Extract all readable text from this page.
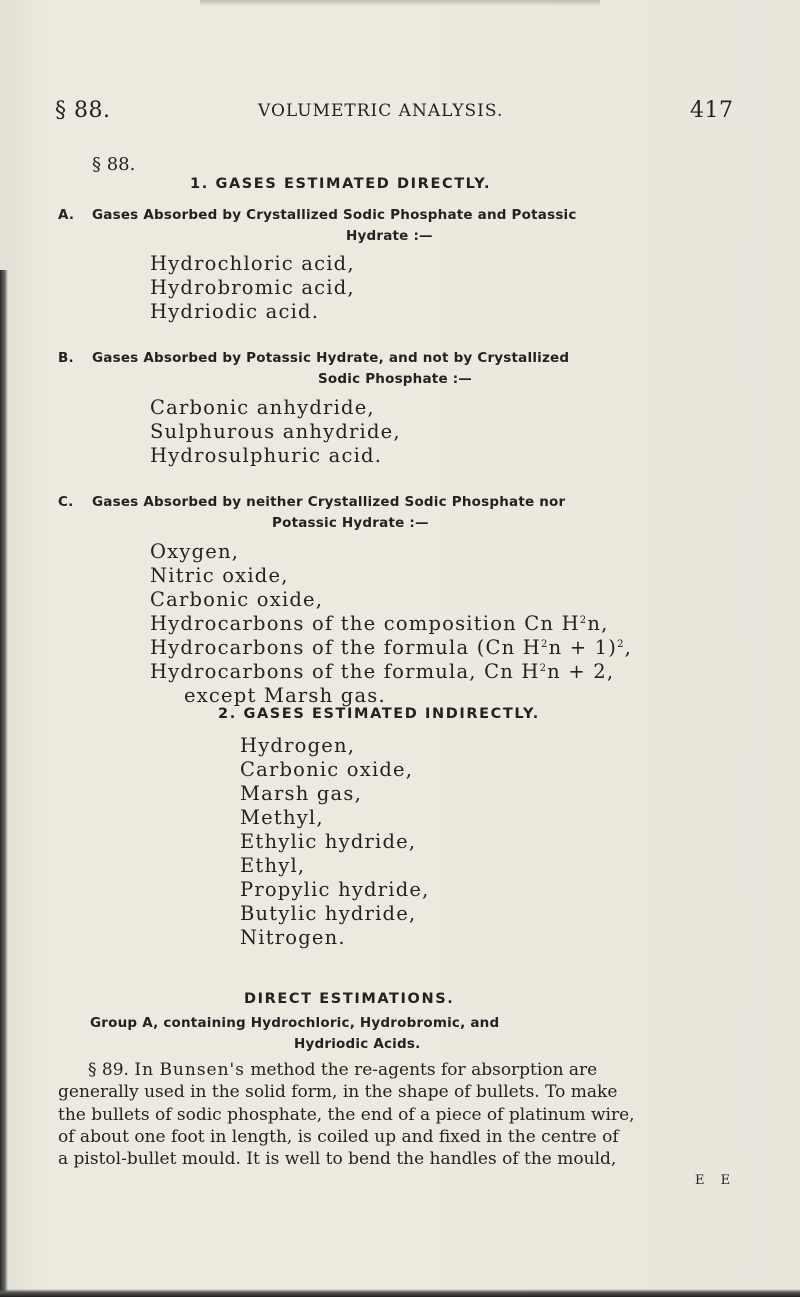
§ 88.	VOLUMETRIC ANALYSIS.	417
§ 88.
1. GASES ESTIMATED DIRECTLY.
A. Gases Absorbed by Crystallized Sodic Phosphate and Potassic
Hydrate :—
Hydrochloric acid,
Hydrobromic acid,
Hydriodic acid.
B. Gases Absorbed by Potassic Hydrate, and not by Crystallized
Sodic Phosphate :—
Carbonic anhydride,
Sulphurous anhydride,
Hydrosulphuric acid.
C. Gases Absorbed by neither Crystallized Sodic Phosphate nor
Potassic Hydrate :—
Oxygen,
Nitric oxide,
Carbonic oxide,
Hydrocarbons of the composition Cn $H^2n$,
Hydrocarbons of the formula (Cn $H^2n + 1)^2$,
Hydrocarbons of the formula, Cn $H^2n + 2$,
except Marsh gas.
2. GASES ESTIMATED INDIRECTLY.
Hydrogen,
Carbonic oxide,
Marsh gas,
Methyl,
Ethylic hydride,
Ethyl,
Propylic hydride,
Butylic hydride,
Nitrogen.
DIRECT ESTIMATIONS.
Group A, containing Hydrochloric, Hydrobromic, and
Hydriodic Acids.
§ 89. In Bunsen's method the re-agents for absorption are
generally used in the solid form, in the shape of bullets. To make
the bullets of sodic phosphate, the end of a piece of platinum wire,
of about one foot in length, is coiled up and fixed in the centre of
a pistol-bullet mould. It is well to bend the handles of the mould,
E E
